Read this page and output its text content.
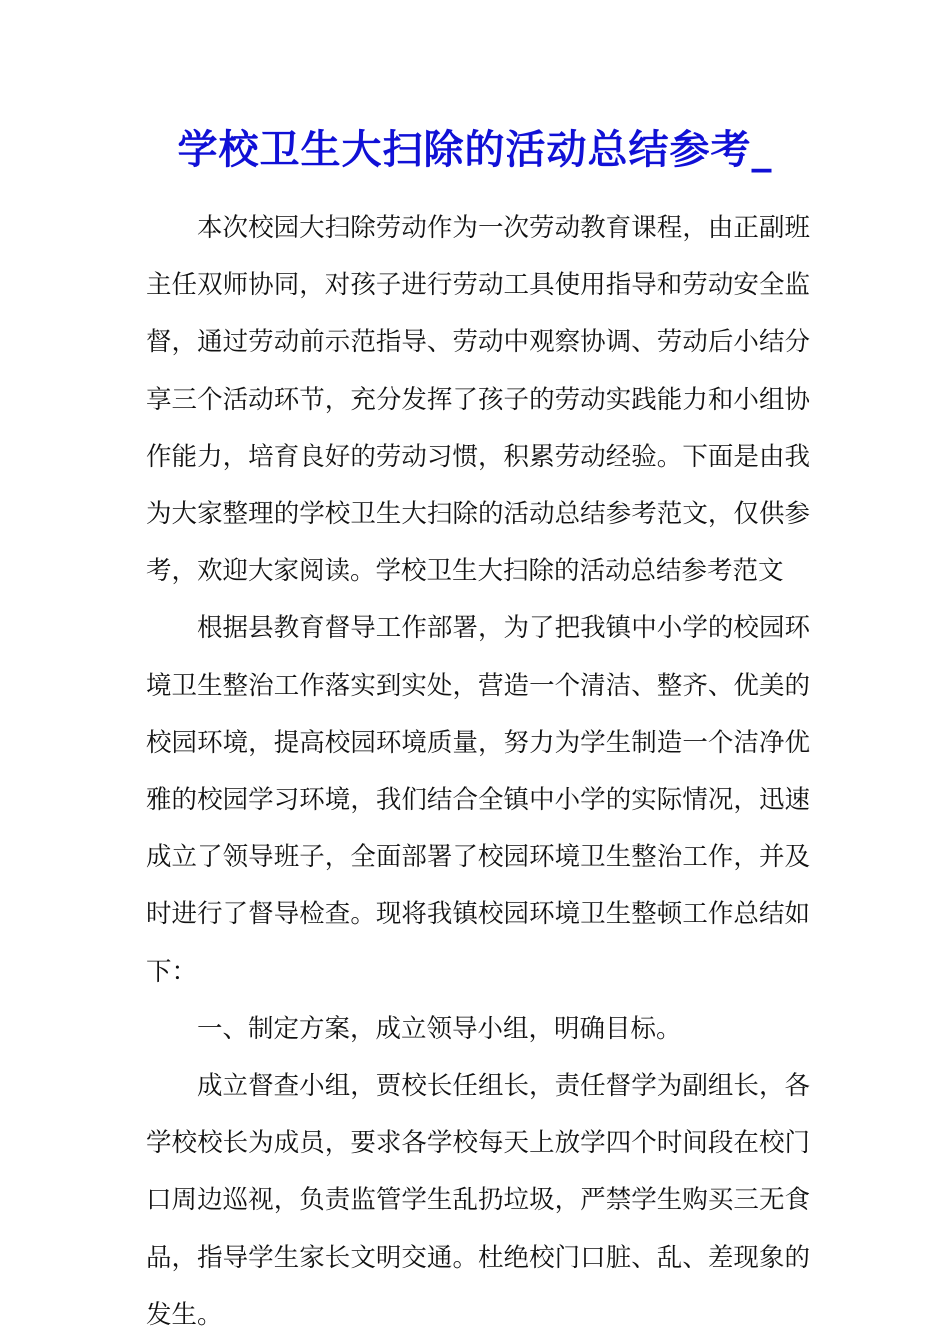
学校卫生大扫除的活动总结参考_

本次校园大扫除劳动作为一次劳动教育课程，由正副班主任双师协同，对孩子进行劳动工具使用指导和劳动安全监督，通过劳动前示范指导、劳动中观察协调、劳动后小结分享三个活动环节，充分发挥了孩子的劳动实践能力和小组协作能力，培育良好的劳动习惯，积累劳动经验。下面是由我为大家整理的学校卫生大扫除的活动总结参考范文，仅供参考，欢迎大家阅读。学校卫生大扫除的活动总结参考范文

根据县教育督导工作部署，为了把我镇中小学的校园环境卫生整治工作落实到实处，营造一个清洁、整齐、优美的校园环境，提高校园环境质量，努力为学生制造一个洁净优雅的校园学习环境，我们结合全镇中小学的实际情况，迅速成立了领导班子，全面部署了校园环境卫生整治工作，并及时进行了督导检查。现将我镇校园环境卫生整顿工作总结如下：

一、制定方案，成立领导小组，明确目标。

成立督查小组，贾校长任组长，责任督学为副组长，各学校校长为成员，要求各学校每天上放学四个时间段在校门口周边巡视，负责监管学生乱扔垃圾，严禁学生购买三无食品，指导学生家长文明交通。杜绝校门口脏、乱、差现象的发生。
